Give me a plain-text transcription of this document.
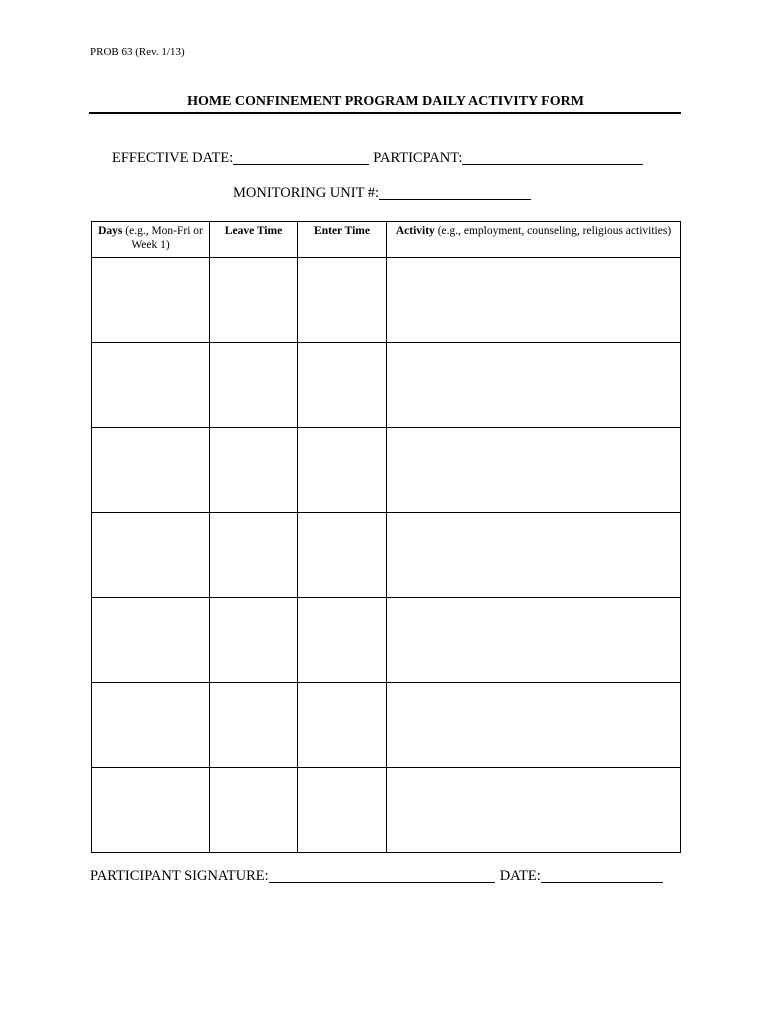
PROB 63 (Rev. 1/13)
HOME CONFINEMENT PROGRAM DAILY ACTIVITY FORM
EFFECTIVE DATE:	PARTICPANT:
MONITORING UNIT #:
Days (e.g., Mon-Fri or Week 1)	Leave Time	Enter Time	Activity (e.g., employment, counseling, religious activities)

PARTICIPANT SIGNATURE:	DATE:
